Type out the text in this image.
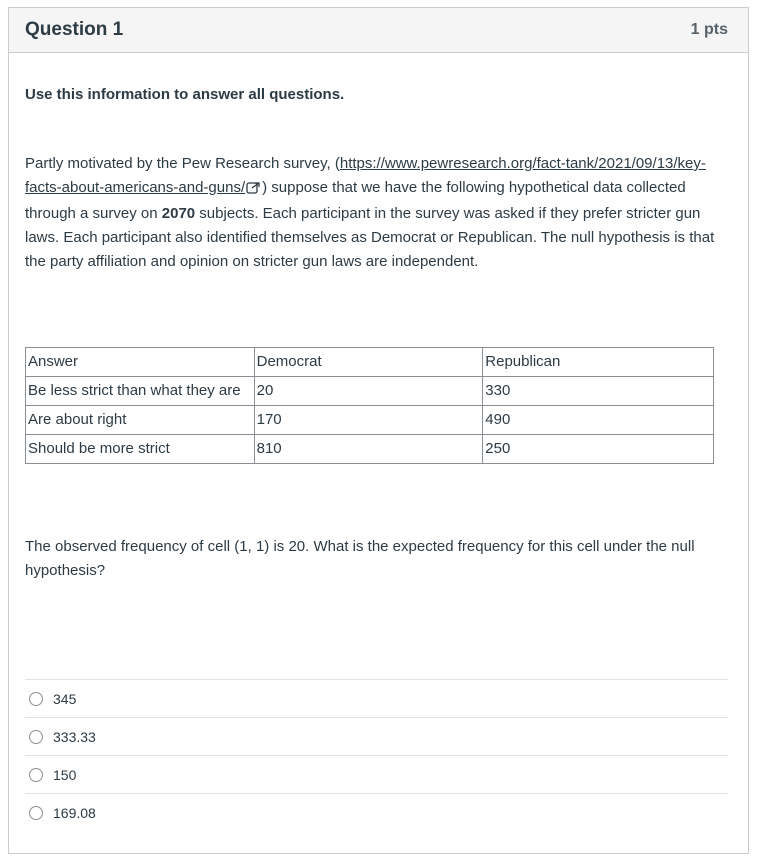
Question 1	1 pts
Use this information to answer all questions.
Partly motivated by the Pew Research survey, (https://www.pewresearch.org/fact-tank/2021/09/13/key-facts-about-americans-and-guns/ ) suppose that we have the following hypothetical data collected through a survey on 2070 subjects. Each participant in the survey was asked if they prefer stricter gun laws. Each participant also identified themselves as Democrat or Republican. The null hypothesis is that the party affiliation and opinion on stricter gun laws are independent.
Answer	Democrat	Republican
Be less strict than what they are	20	330
Are about right	170	490
Should be more strict	810	250
The observed frequency of cell (1, 1) is 20. What is the expected frequency for this cell under the null hypothesis?
345
333.33
150
169.08
